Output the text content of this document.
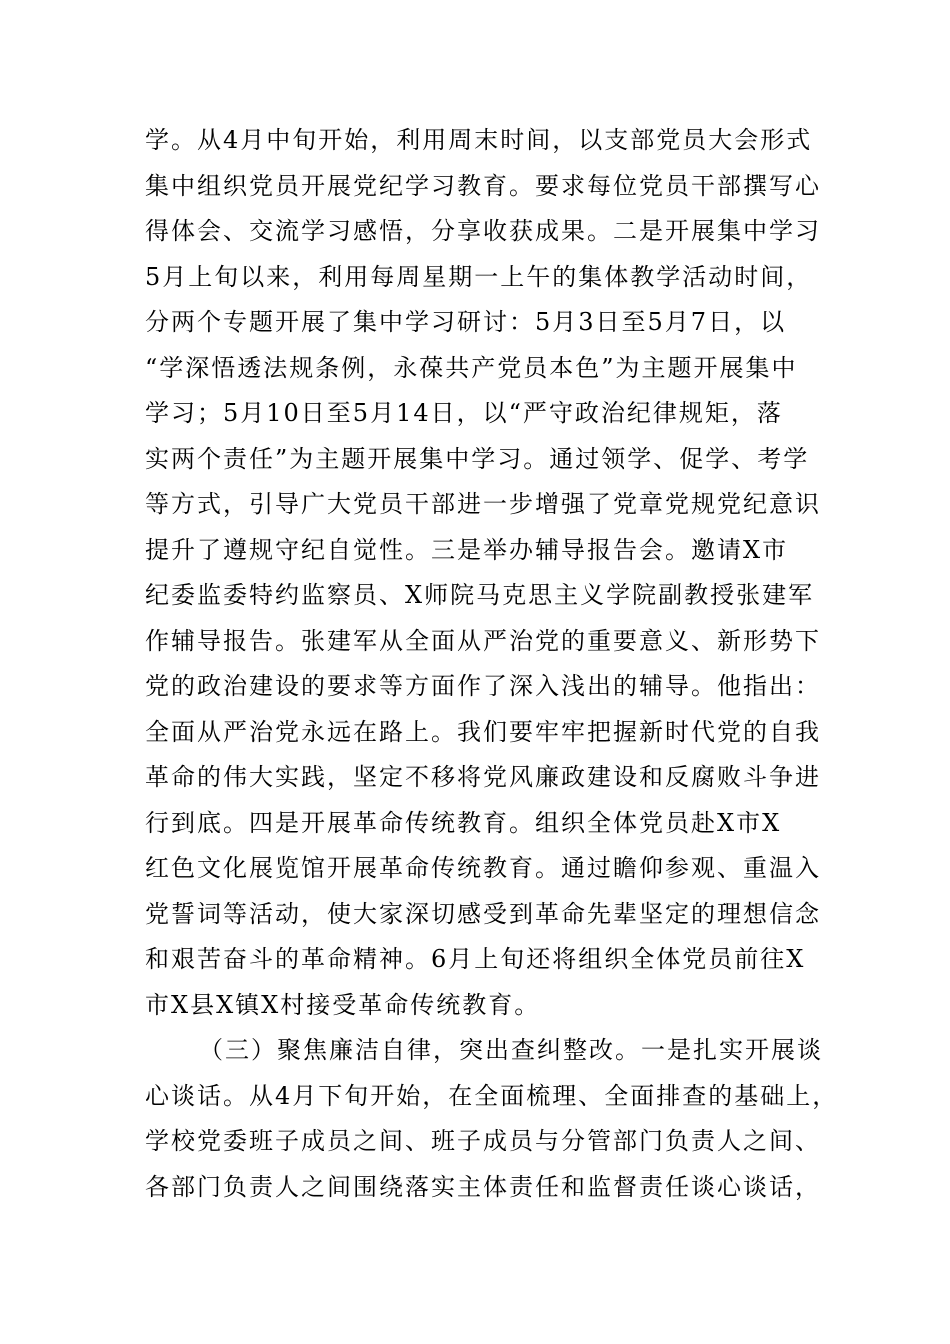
学。从4月中旬开始，利用周末时间，以支部党员大会形式
集中组织党员开展党纪学习教育。要求每位党员干部撰写心
得体会、交流学习感悟，分享收获成果。二是开展集中学习
5月上旬以来，利用每周星期一上午的集体教学活动时间，
分两个专题开展了集中学习研讨：5月3日至5月7日，以
“学深悟透法规条例，永葆共产党员本色”为主题开展集中
学习；5月10日至5月14日，以“严守政治纪律规矩，落
实两个责任”为主题开展集中学习。通过领学、促学、考学
等方式，引导广大党员干部进一步增强了党章党规党纪意识
提升了遵规守纪自觉性。三是举办辅导报告会。邀请X市
纪委监委特约监察员、X师院马克思主义学院副教授张建军
作辅导报告。张建军从全面从严治党的重要意义、新形势下
党的政治建设的要求等方面作了深入浅出的辅导。他指出：
全面从严治党永远在路上。我们要牢牢把握新时代党的自我
革命的伟大实践，坚定不移将党风廉政建设和反腐败斗争进
行到底。四是开展革命传统教育。组织全体党员赴X市X
红色文化展览馆开展革命传统教育。通过瞻仰参观、重温入
党誓词等活动，使大家深切感受到革命先辈坚定的理想信念
和艰苦奋斗的革命精神。6月上旬还将组织全体党员前往X
市X县X镇X村接受革命传统教育。
（三）聚焦廉洁自律，突出查纠整改。一是扎实开展谈
心谈话。从4月下旬开始，在全面梳理、全面排查的基础上，
学校党委班子成员之间、班子成员与分管部门负责人之间、
各部门负责人之间围绕落实主体责任和监督责任谈心谈话，
